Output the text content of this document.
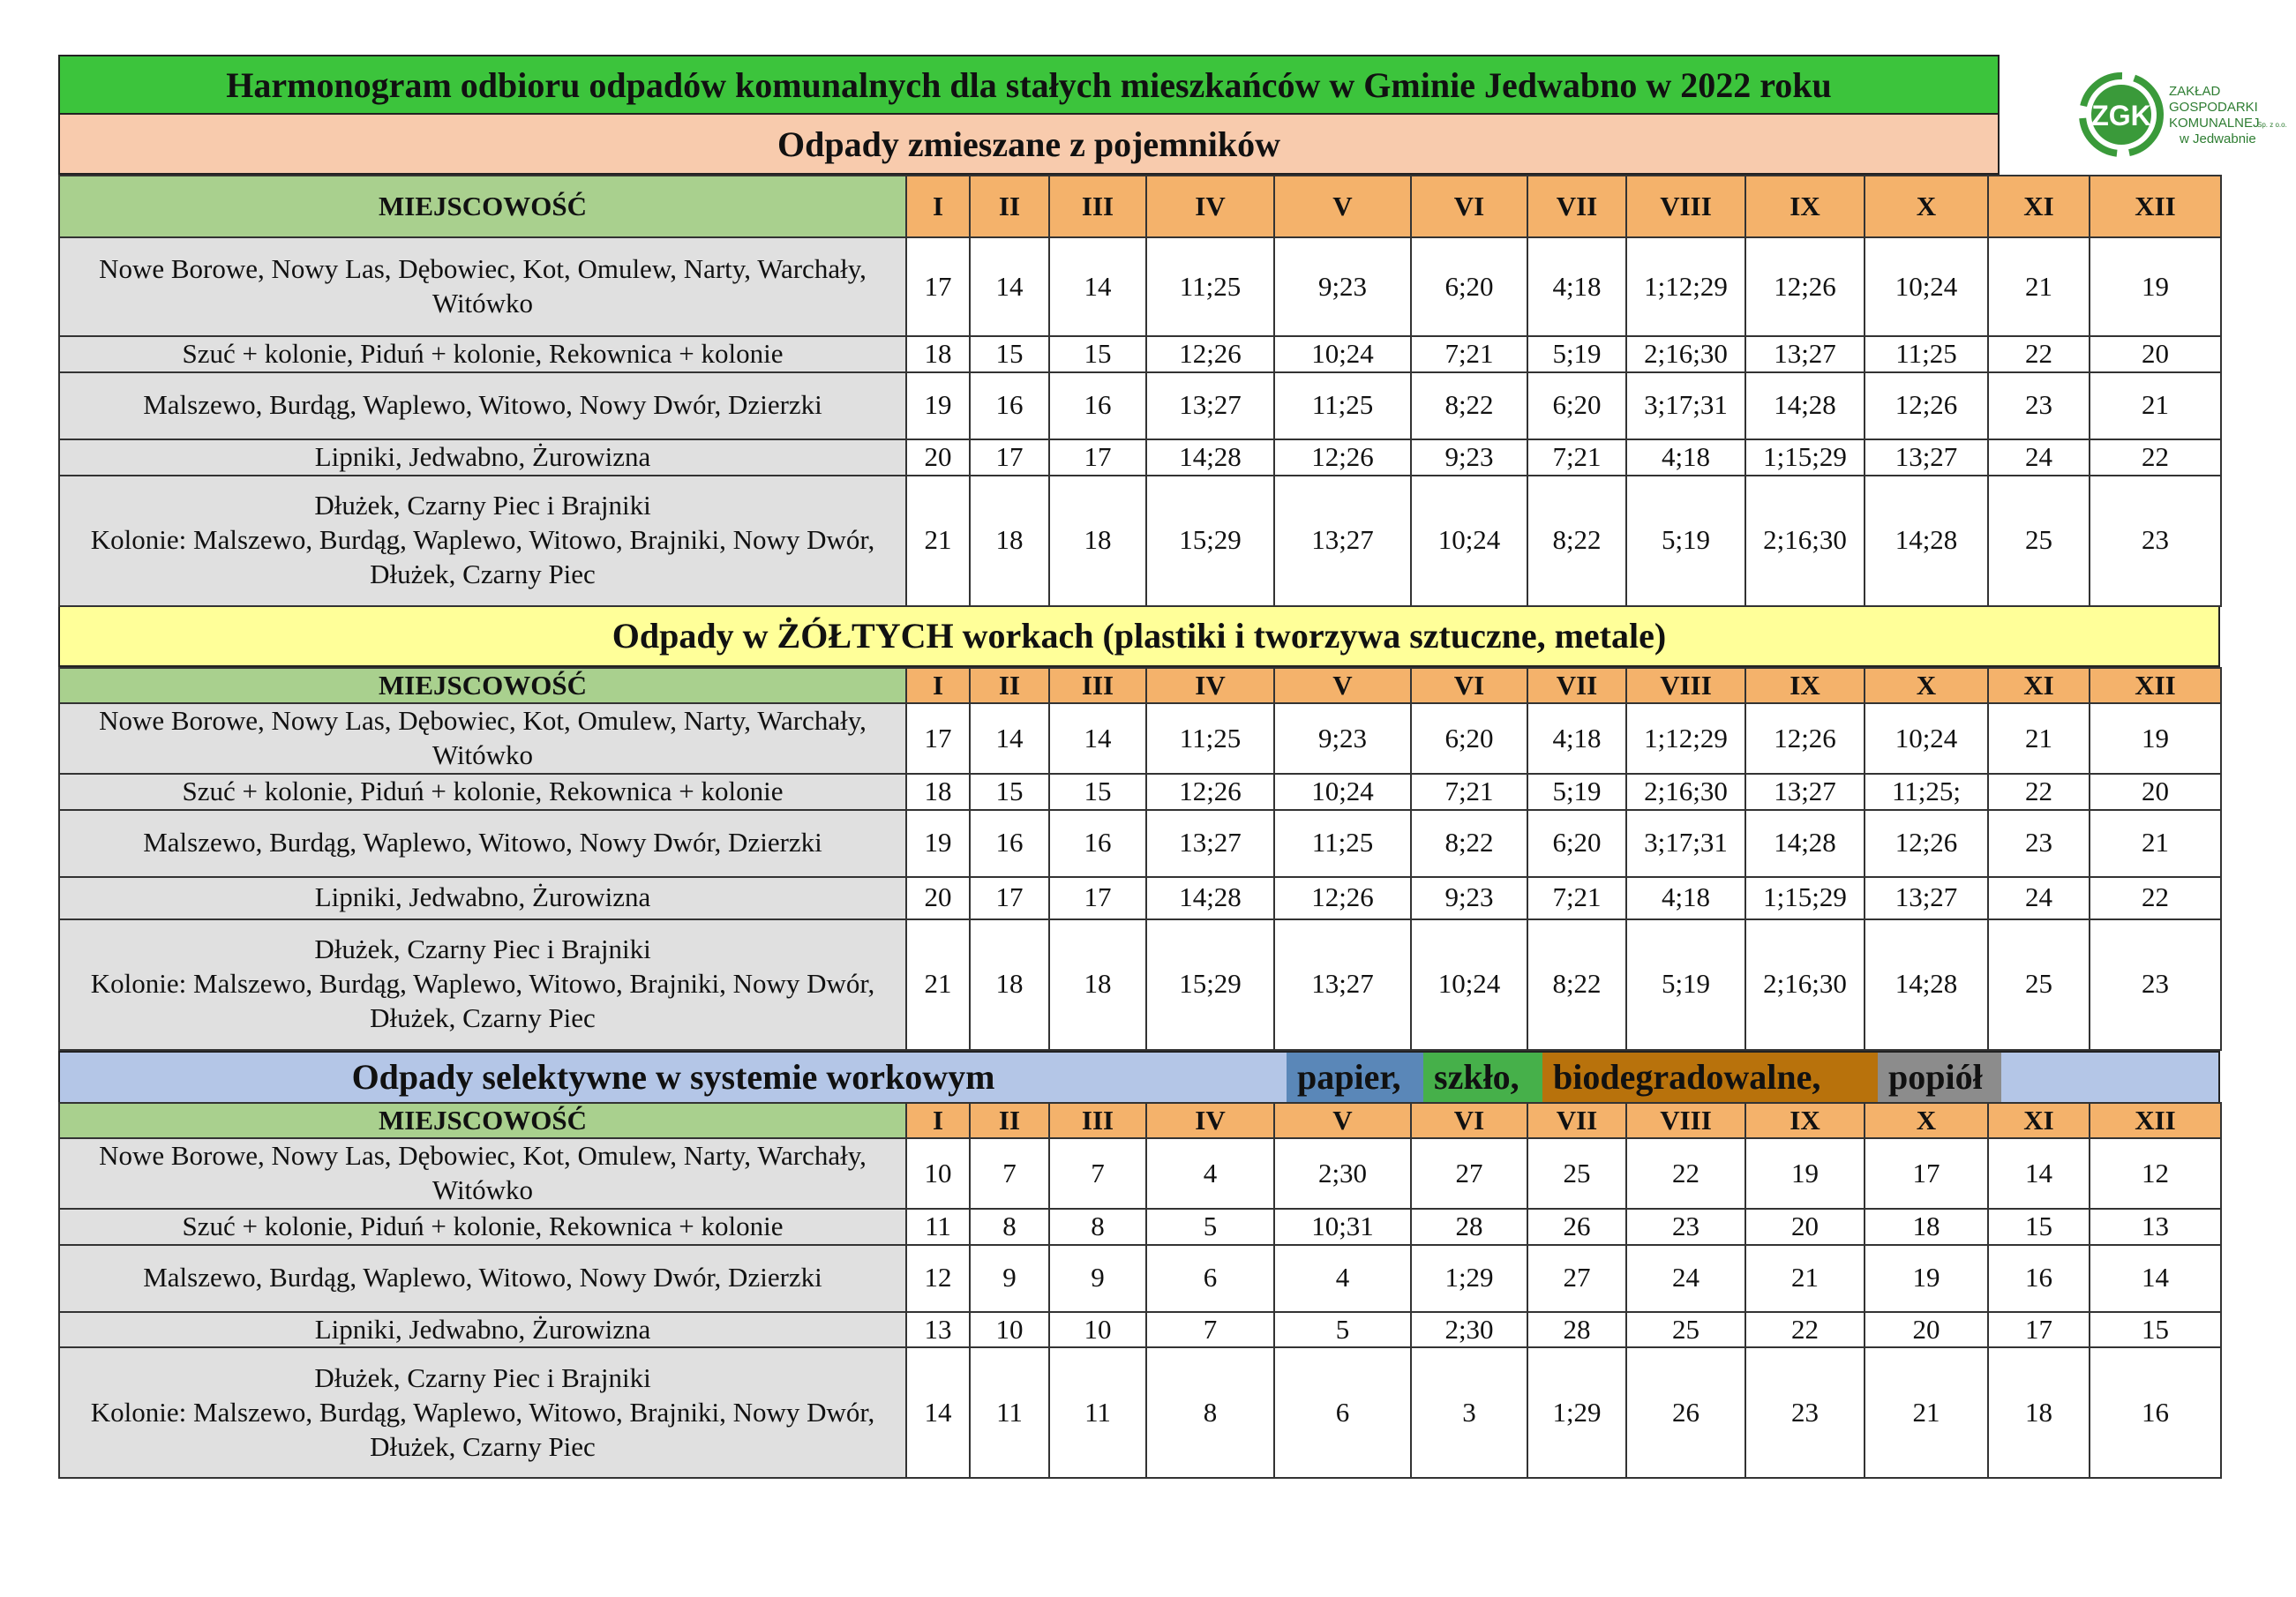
Harmonogram odbioru odpadów komunalnych dla stałych mieszkańców w Gminie Jedwabno w 2022 roku
ZGK
ZAKŁAD
GOSPODARKI
KOMUNALNEJ
Sp. z o.o.
w Jedwabnie
Odpady zmieszane z pojemników
MIEJSCOWOŚĆ	I	II	III	IV	V	VI	VII	VIII	IX	X	XI	XII
Nowe Borowe, Nowy Las, Dębowiec, Kot, Omulew, Narty, Warchały, Witówko	17	14	14	11;25	9;23	6;20	4;18	1;12;29	12;26	10;24	21	19
Szuć + kolonie, Piduń + kolonie, Rekownica + kolonie	18	15	15	12;26	10;24	7;21	5;19	2;16;30	13;27	11;25	22	20
Malszewo, Burdąg, Waplewo, Witowo, Nowy Dwór, Dzierzki	19	16	16	13;27	11;25	8;22	6;20	3;17;31	14;28	12;26	23	21
Lipniki, Jedwabno, Żurowizna	20	17	17	14;28	12;26	9;23	7;21	4;18	1;15;29	13;27	24	22
Dłużek, Czarny Piec i Brajniki
Kolonie: Malszewo, Burdąg, Waplewo, Witowo, Brajniki, Nowy Dwór, Dłużek, Czarny Piec	21	18	18	15;29	13;27	10;24	8;22	5;19	2;16;30	14;28	25	23
Odpady w ŻÓŁTYCH workach (plastiki i tworzywa sztuczne, metale)
MIEJSCOWOŚĆ	I	II	III	IV	V	VI	VII	VIII	IX	X	XI	XII
Nowe Borowe, Nowy Las, Dębowiec, Kot, Omulew, Narty, Warchały, Witówko	17	14	14	11;25	9;23	6;20	4;18	1;12;29	12;26	10;24	21	19
Szuć + kolonie, Piduń + kolonie, Rekownica + kolonie	18	15	15	12;26	10;24	7;21	5;19	2;16;30	13;27	11;25;	22	20
Malszewo, Burdąg, Waplewo, Witowo, Nowy Dwór, Dzierzki	19	16	16	13;27	11;25	8;22	6;20	3;17;31	14;28	12;26	23	21
Lipniki, Jedwabno, Żurowizna	20	17	17	14;28	12;26	9;23	7;21	4;18	1;15;29	13;27	24	22
Dłużek, Czarny Piec i Brajniki
Kolonie: Malszewo, Burdąg, Waplewo, Witowo, Brajniki, Nowy Dwór, Dłużek, Czarny Piec	21	18	18	15;29	13;27	10;24	8;22	5;19	2;16;30	14;28	25	23
Odpady selektywne w systemie workowym	papier, szkło, biodegradowalne,	popiół
MIEJSCOWOŚĆ	I	II	III	IV	V	VI	VII	VIII	IX	X	XI	XII
Nowe Borowe, Nowy Las, Dębowiec, Kot, Omulew, Narty, Warchały, Witówko	10	7	7	4	2;30	27	25	22	19	17	14	12
Szuć + kolonie, Piduń + kolonie, Rekownica + kolonie	11	8	8	5	10;31	28	26	23	20	18	15	13
Malszewo, Burdąg, Waplewo, Witowo, Nowy Dwór, Dzierzki	12	9	9	6	4	1;29	27	24	21	19	16	14
Lipniki, Jedwabno, Żurowizna	13	10	10	7	5	2;30	28	25	22	20	17	15
Dłużek, Czarny Piec i Brajniki
Kolonie: Malszewo, Burdąg, Waplewo, Witowo, Brajniki, Nowy Dwór, Dłużek, Czarny Piec	14	11	11	8	6	3	1;29	26	23	21	18	16
